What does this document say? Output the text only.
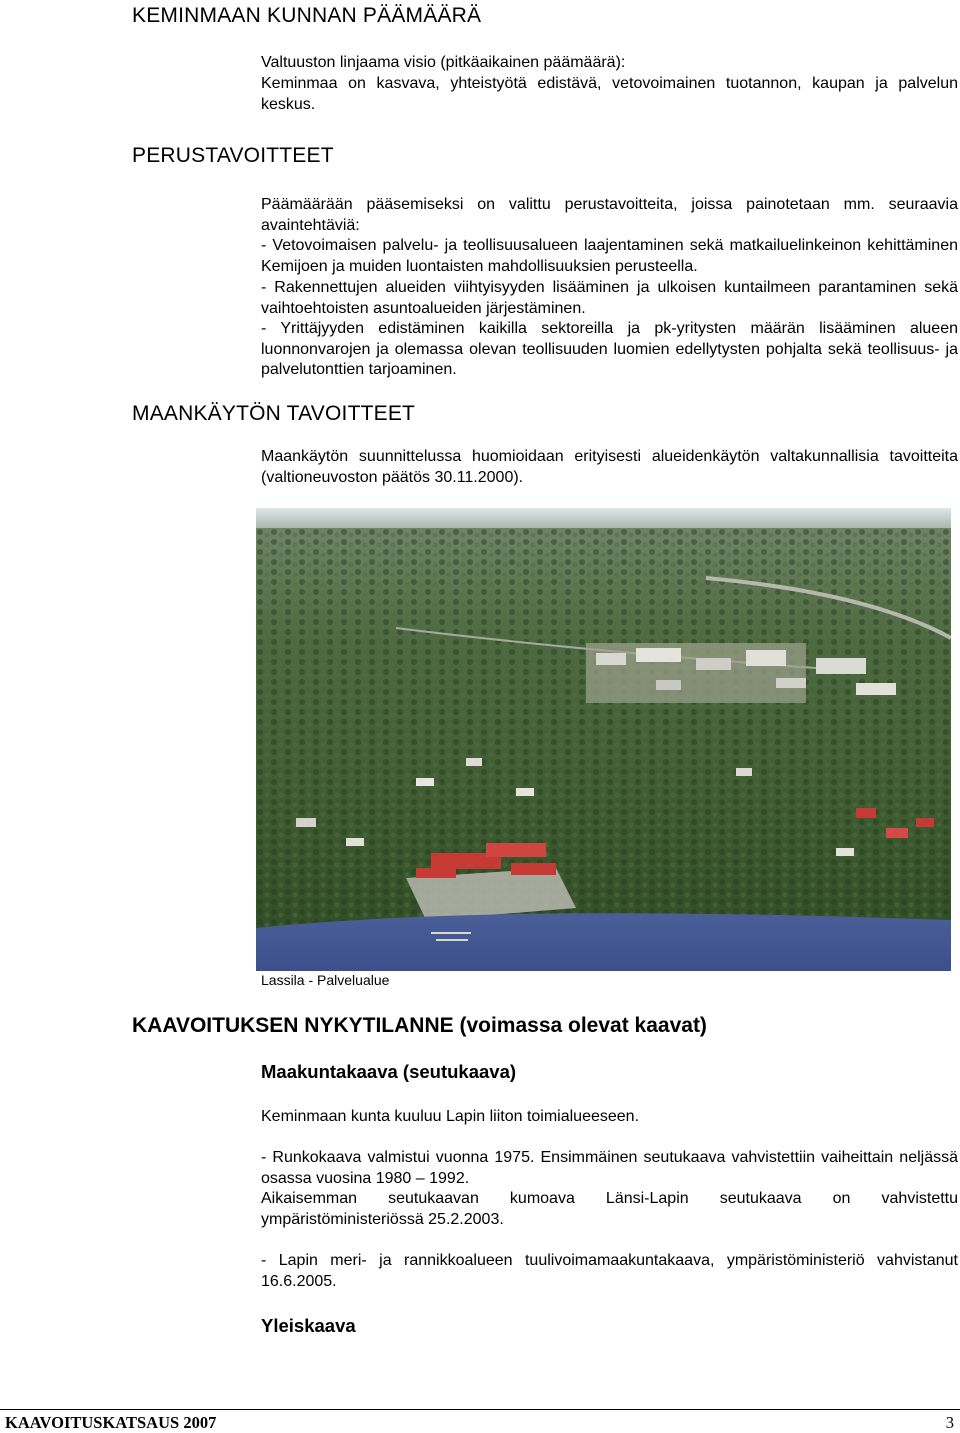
KEMINMAAN KUNNAN PÄÄMÄÄRÄ
Valtuuston linjaama visio (pitkäaikainen päämäärä):
Keminmaa on kasvava, yhteistyötä edistävä, vetovoimainen tuotannon, kaupan ja palvelun keskus.
PERUSTAVOITTEET
Päämäärään pääsemiseksi on valittu perustavoitteita, joissa painotetaan mm. seuraavia avaintehtäviä:
- Vetovoimaisen palvelu- ja teollisuusalueen laajentaminen sekä matkailuelinkeinon kehittäminen Kemijoen ja muiden luontaisten mahdollisuuksien perusteella.
- Rakennettujen alueiden viihtyisyyden lisääminen ja ulkoisen kuntailmeen parantaminen sekä vaihtoehtoisten asuntoalueiden järjestäminen.
- Yrittäjyyden edistäminen kaikilla sektoreilla ja pk-yritysten määrän lisääminen alueen luonnonvarojen ja olemassa olevan teollisuuden luomien edellytysten pohjalta sekä teollisuus- ja palvelutonttien tarjoaminen.
MAANKÄYTÖN TAVOITTEET
Maankäytön suunnittelussa huomioidaan erityisesti alueidenkäytön valtakunnallisia tavoitteita (valtioneuvoston päätös 30.11.2000).
Lassila - Palvelualue
KAAVOITUKSEN NYKYTILANNE (voimassa olevat kaavat)
Maakuntakaava (seutukaava)
Keminmaan kunta kuuluu Lapin liiton toimialueeseen.
- Runkokaava valmistui vuonna 1975. Ensimmäinen seutukaava vahvistettiin vaiheittain neljässä osassa vuosina 1980 – 1992.
Aikaisemman seutukaavan kumoava Länsi-Lapin seutukaava on vahvistettu ympäristöministeriössä 25.2.2003.
- Lapin meri- ja rannikkoalueen tuulivoimamaakuntakaava, ympäristöministeriö vahvistanut 16.6.2005.
Yleiskaava
KAAVOITUSKATSAUS 2007	3
